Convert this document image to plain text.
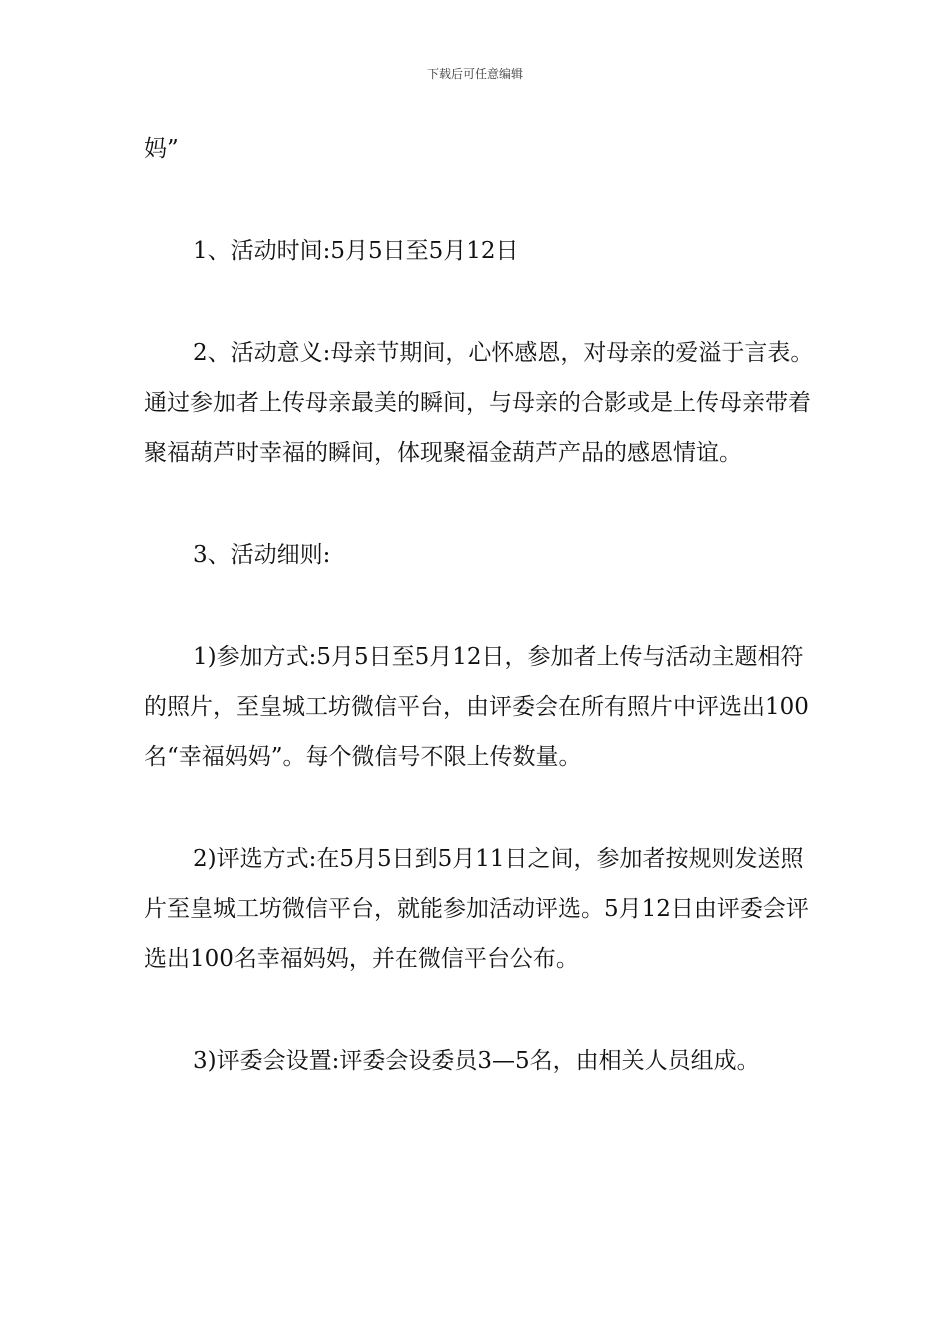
下载后可任意编辑

妈”

1、活动时间:5月5日至5月12日

2、活动意义:母亲节期间，心怀感恩，对母亲的爱溢于言表。通过参加者上传母亲最美的瞬间，与母亲的合影或是上传母亲带着聚福葫芦时幸福的瞬间，体现聚福金葫芦产品的感恩情谊。

3、活动细则:

1)参加方式:5月5日至5月12日，参加者上传与活动主题相符的照片，至皇城工坊微信平台，由评委会在所有照片中评选出100名“幸福妈妈”。每个微信号不限上传数量。

2)评选方式:在5月5日到5月11日之间，参加者按规则发送照片至皇城工坊微信平台，就能参加活动评选。5月12日由评委会评选出100名幸福妈妈，并在微信平台公布。

3)评委会设置:评委会设委员3—5名，由相关人员组成。
